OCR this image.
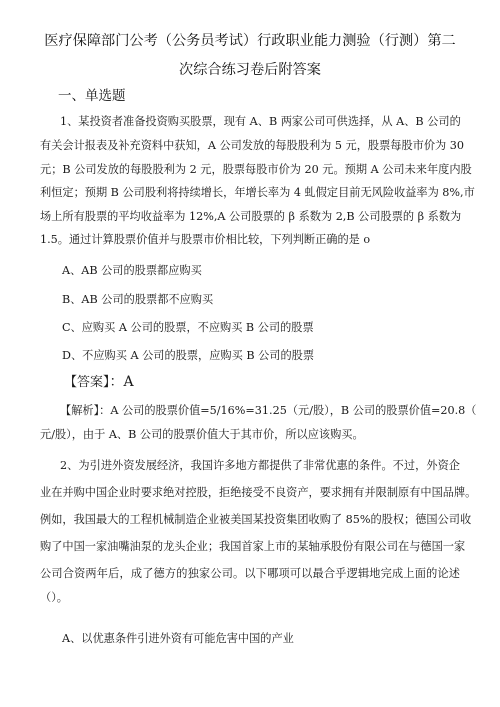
医疗保障部门公考（公务员考试）行政职业能力测验（行测）第二
次综合练习卷后附答案
一、单选题
1、某投资者准备投资购买股票，现有 A、B 两家公司可供选择，从 A、B 公司的
有关会计报表及补充资料中获知，A 公司发放的每股股利为 5 元，股票每股市价为 30
元；B 公司发放的每股股利为 2 元，股票每股市价为 20 元。预期 A 公司未来年度内股
利恒定；预期 B 公司股利将持续增长，年增长率为 4 虬假定目前无风险收益率为 8%,市
场上所有股票的平均收益率为 12%,A 公司股票的 β 系数为 2,B 公司股票的 β 系数为
1.5。通过计算股票价值并与股票市价相比较，下列判断正确的是 o
A、AB 公司的股票都应购买
B、AB 公司的股票都不应购买
C、应购买 A 公司的股票，不应购买 B 公司的股票
D、不应购买 A 公司的股票，应购买 B 公司的股票
【答案】：A
【解析】：A 公司的股票价值=5/16%=31.25（元/股），B 公司的股票价值=20.8（
元/股），由于 A、B 公司的股票价值大于其市价，所以应该购买。
2、为引进外资发展经济，我国许多地方都提供了非常优惠的条件。不过，外资企
业在并购中国企业时要求绝对控股，拒绝接受不良资产，要求拥有并限制原有中国品牌。
例如，我国最大的工程机械制造企业被美国某投资集团收购了 85%的股权；德国公司收
购了中国一家油嘴油泵的龙头企业；我国首家上市的某轴承股份有限公司在与德国一家
公司合资两年后，成了德方的独家公司。以下哪项可以最合乎逻辑地完成上面的论述
（）。
A、以优惠条件引进外资有可能危害中国的产业
